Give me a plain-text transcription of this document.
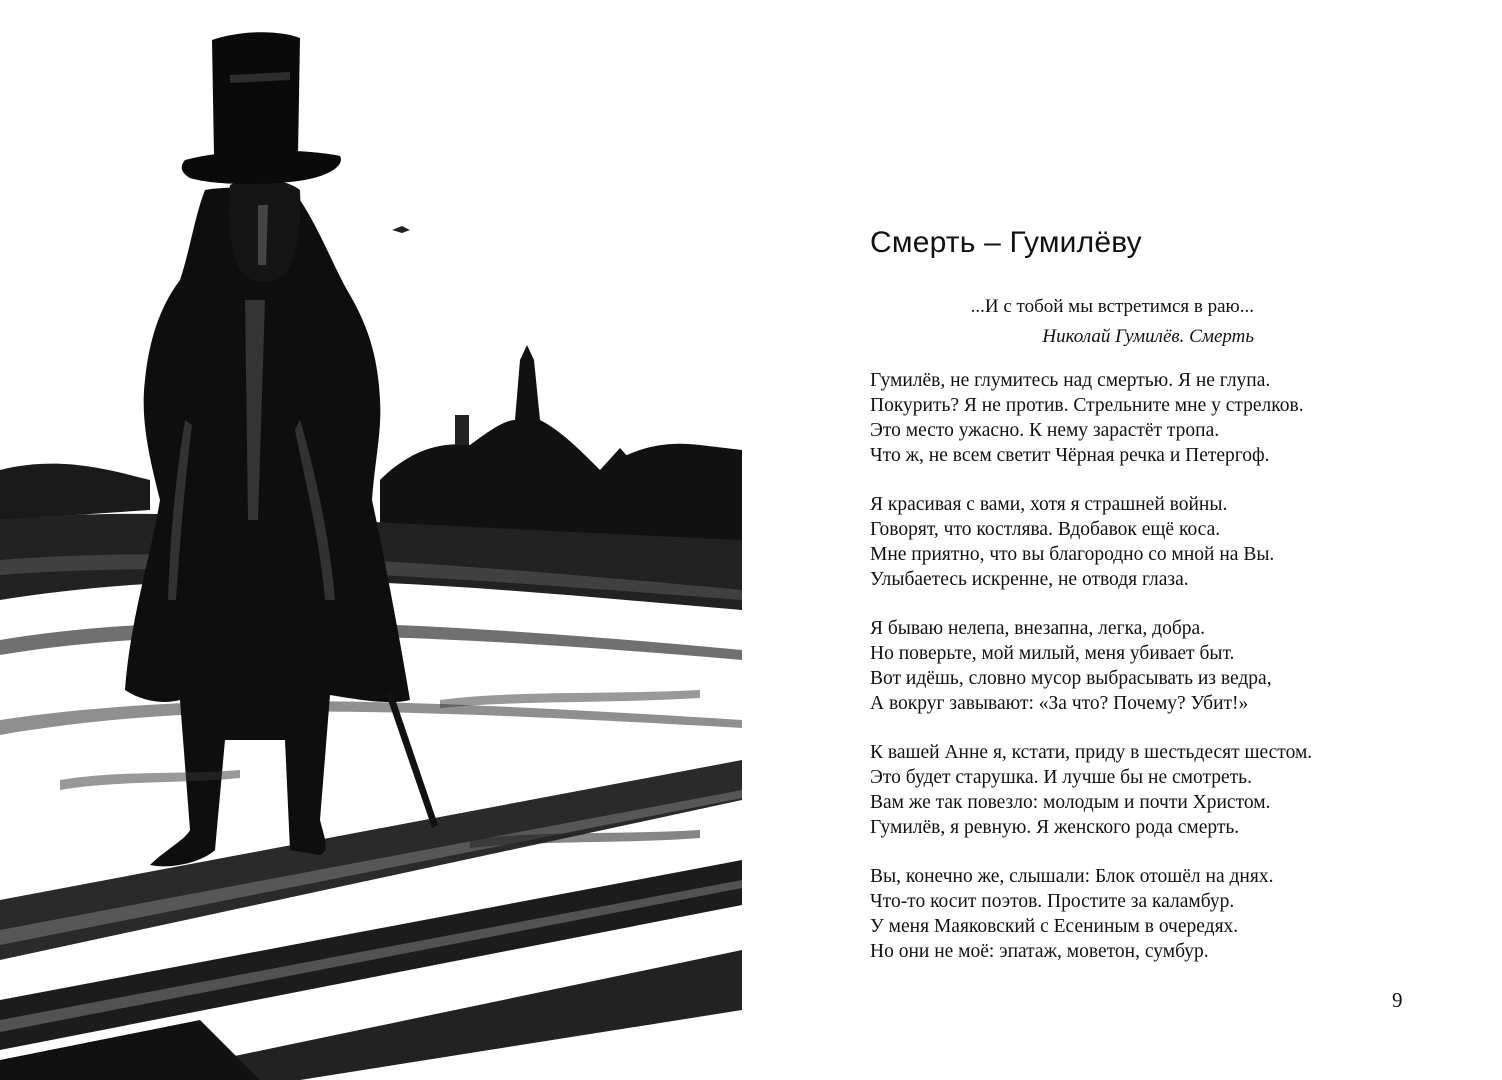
Смерть – Гумилёву
...И с тобой мы встретимся в раю...
Николай Гумилёв. Смерть
Гумилёв, не глумитесь над смертью. Я не глупа.
Покурить? Я не против. Стрельните мне у стрелков.
Это место ужасно. К нему зарастёт тропа.
Что ж, не всем светит Чёрная речка и Петергоф.
Я красивая с вами, хотя я страшней войны.
Говорят, что костлява. Вдобавок ещё коса.
Мне приятно, что вы благородно со мной на Вы.
Улыбаетесь искренне, не отводя глаза.
Я бываю нелепа, внезапна, легка, добра.
Но поверьте, мой милый, меня убивает быт.
Вот идёшь, словно мусор выбрасывать из ведра,
А вокруг завывают: «За что? Почему? Убит!»
К вашей Анне я, кстати, приду в шестьдесят шестом.
Это будет старушка. И лучше бы не смотреть.
Вам же так повезло: молодым и почти Христом.
Гумилёв, я ревную. Я женского рода смерть.
Вы, конечно же, слышали: Блок отошёл на днях.
Что-то косит поэтов. Простите за каламбур.
У меня Маяковский с Есениным в очередях.
Но они не моё: эпатаж, моветон, сумбур.
9
